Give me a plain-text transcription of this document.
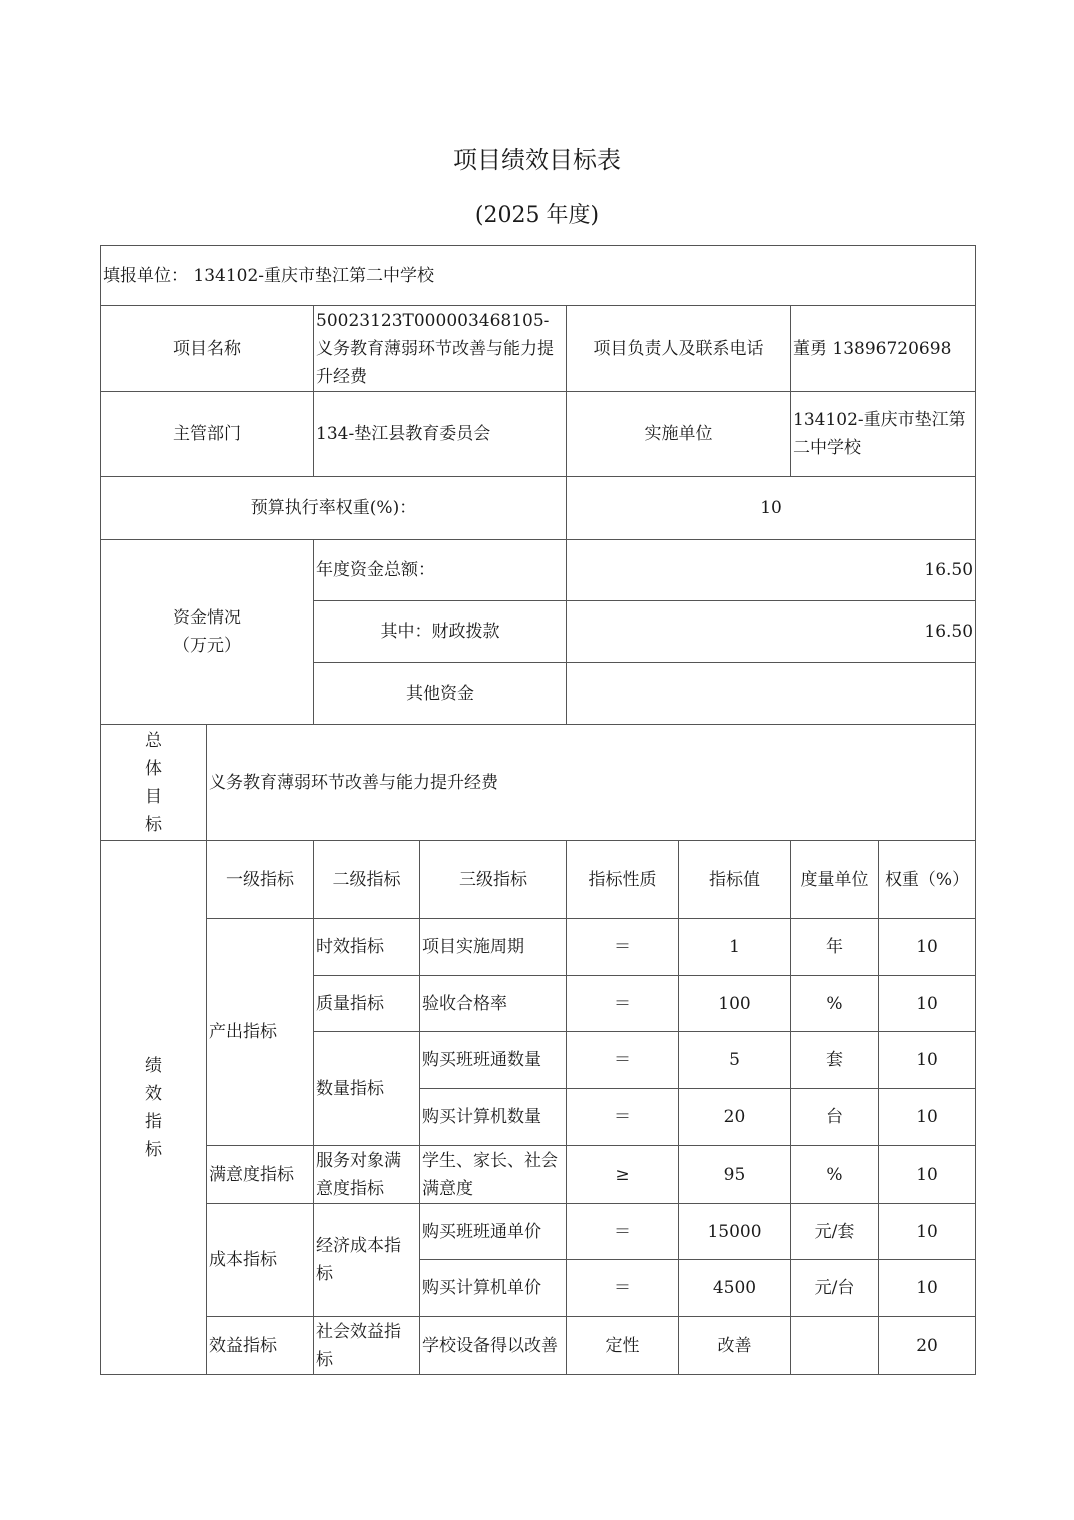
项目绩效目标表
(2025 年度)
填报单位： 134102-重庆市垫江第二中学校							
项目名称		50023123T000003468105-义务教育薄弱环节改善与能力提升经费		项目负责人及联系电话		董勇 13896720698	
主管部门		134-垫江县教育委员会		实施单位		134102-重庆市垫江第二中学校	
预算执行率权重(%)：				10			

资金情况
（万元）		年度资金总额：		16.50			
		其中：财政拨款		16.50			
		其他资金					

总
体
目
标	义务教育薄弱环节改善与能力提升经费						

绩
效
指
标	一级指标	二级指标	三级指标	指标性质	指标值	度量单位	权重（%）
	产出指标	时效指标	项目实施周期	＝	1	年	10
		质量指标	验收合格率	＝	100	%	10
		数量指标	购买班班通数量	＝	5	套	10
			购买计算机数量	＝	20	台	10
	满意度指标	服务对象满意度指标	学生、家长、社会满意度	≥	95	%	10
	成本指标	经济成本指标	购买班班通单价	＝	15000	元/套	10
			购买计算机单价	＝	4500	元/台	10
	效益指标	社会效益指标	学校设备得以改善	定性	改善		20
